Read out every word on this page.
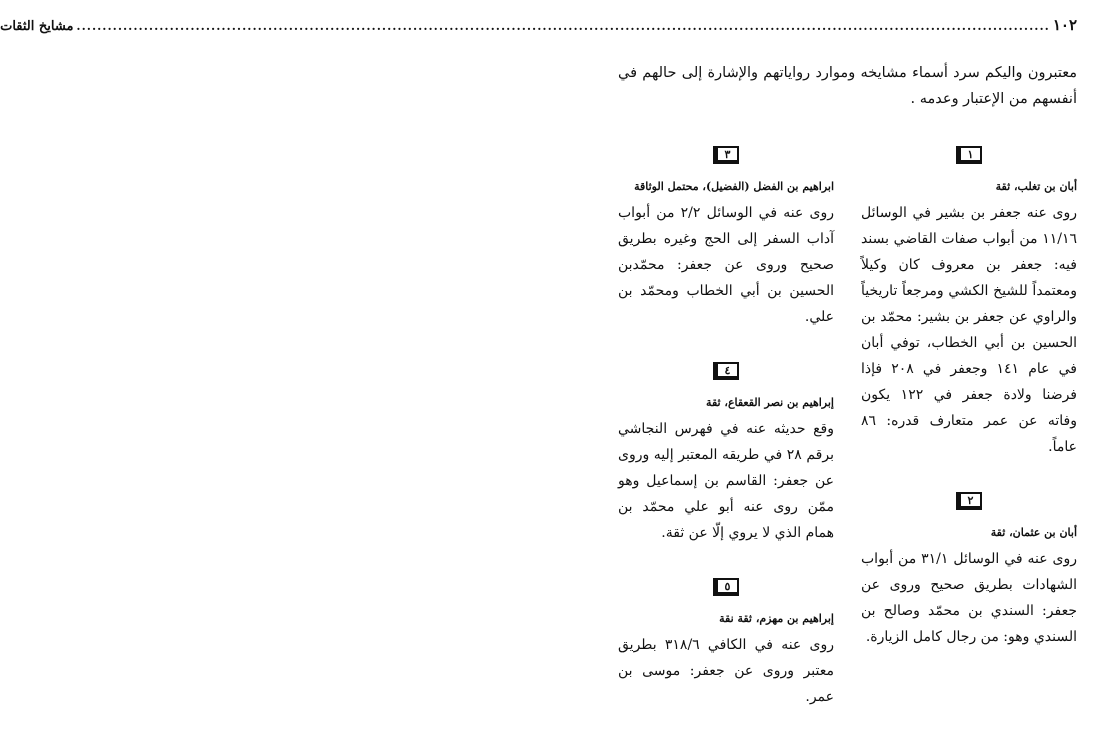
١٠٢
............................................................................................................................................................................................
مشايخ الثقات

معتبرون واليكم سرد أسماء مشايخه وموارد رواياتهم والإشارة إلى حالهم في أنفسهم من الإعتبار وعدمه .

١
أبان بن تغلب، ثقة
روى عنه جعفر بن بشير في الوسائل ١١/١٦ من أبواب صفات القاضي بسند فيه: جعفر بن معروف كان وكيلاً ومعتمداً للشيخ الكشي ومرجعاً تاريخياً والراوي عن جعفر بن بشير: محمّد بن الحسين بن أبي الخطاب، توفي أبان في عام ١٤١ وجعفر في ٢٠٨ فإذا فرضنا ولادة جعفر في ١٢٢ يكون وفاته عن عمر متعارف قدره: ٨٦ عاماً.
٢
أبان بن عثمان، ثقة
روى عنه في الوسائل ٣١/١ من أبواب الشهادات بطريق صحيح وروى عن جعفر: السندي بن محمّد وصالح بن السندي وهو: من رجال كامل الزيارة.
٣
ابراهيم بن الفضل (الفضيل)، محتمل الوثاقة
روى عنه في الوسائل ٢/٢ من أبواب آداب السفر إلى الحج وغيره بطريق صحيح وروى عن جعفر: محمّدبن الحسين بن أبي الخطاب ومحمّد بن علي.
٤
إبراهيم بن نصر القعقاع، ثقة
وقع حديثه عنه في فهرس النجاشي برقم ٢٨ في طريقه المعتبر إليه وروى عن جعفر: القاسم بن إسماعيل وهو ممّن روى عنه أبو علي محمّد بن همام الذي لا يروي إلّا عن ثقة.
٥
إبراهيم بن مهزم، ثقة نقة
روى عنه في الكافي ٣١٨/٦ بطريق معتبر وروى عن جعفر: موسى بن عمر.
